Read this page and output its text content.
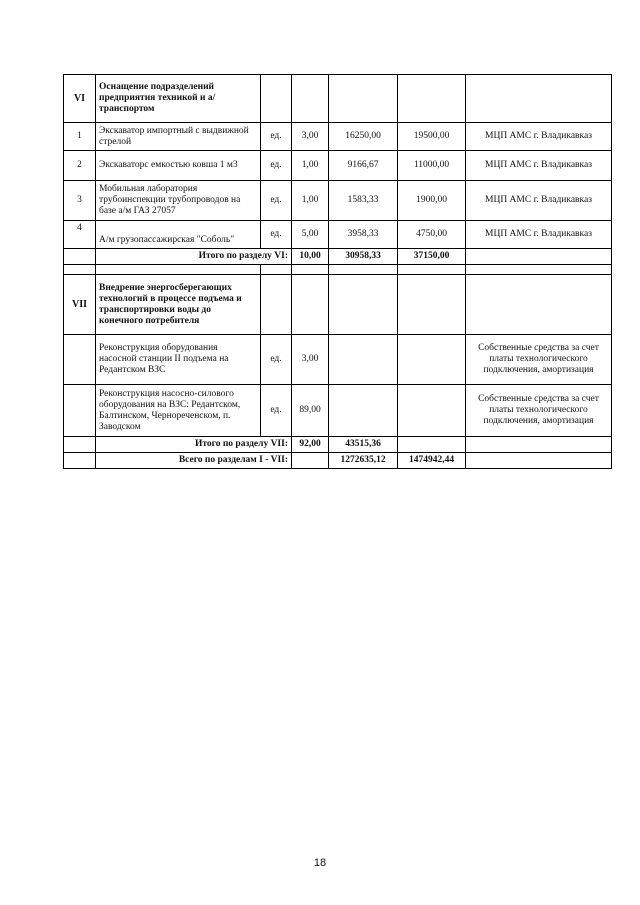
VI	Оснащение подразделений предприятия техникой и а/транспортом					
1	Экскаватор импортный с выдвижной стрелой	ед.	3,00	16250,00	19500,00	МЦП АМС г. Владикавказ
2	Экскаваторс емкостью ковша 1 м3	ед.	1,00	9166,67	11000,00	МЦП АМС г. Владикавказ
3	Мобильная лаборатория трубоинспекции трубопроводов на базе а/м ГАЗ 27057	ед.	1,00	1583,33	1900,00	МЦП АМС г. Владикавказ
4	А/м грузопассажирская "Соболь"	ед.	5,00	3958,33	4750,00	МЦП АМС г. Владикавказ
	Итого по разделу VI:		10,00	30958,33	37150,00	

VII	Внедрение энергосберегающих технологий в процессе подъема и транспортировки воды до конечного потребителя					
	Реконструкция оборудования насосной станции II подъема на Редантском ВЗС	ед.	3,00			Собственные средства за счет платы технологического подключения, амортизация
	Реконструкция насосно-силового оборудования на ВЗС: Редантском, Балтинском, Чернореченском, п. Заводском	ед.	89,00			Собственные средства за счет платы технологического подключения, амортизация
	Итого по разделу VII:		92,00	43515,36		
	Всего по разделам I - VII:			1272635,12	1474942,44	
18
